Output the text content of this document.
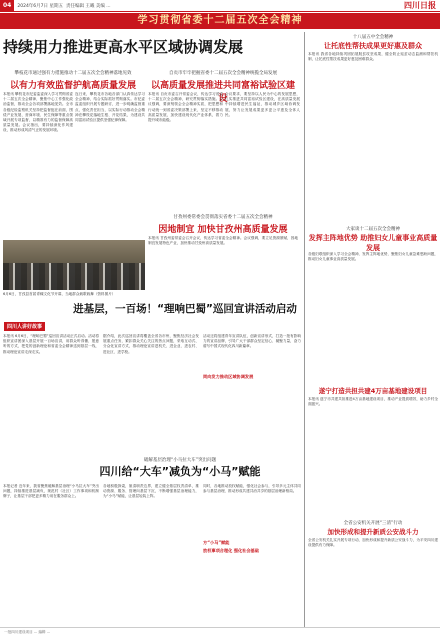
04	2024年6月7日 星期五 责任编辑 王曦 美编 ...	四川日报
学习贯彻省委十二届五次全会精神
持续用力推进更高水平区域协调发展
攀枝花市通过强有力措施推动十二届五次全会精神落地见效
以有力有效监督护航高质量发展
本报讯 攀枝花市纪委监委深入学习贯彻省委十二届五次全会精神，聚焦中心工作强化政治监督，推动全会各项部署落地见效。全市各级纪检监察机关坚持把监督挺在前面，围绕产业发展、营商环境、民生保障等重点领域开展专项监督，以精准有力的监督保障高质量发展。会议指出，要持续深化作风建设，推动形成风清气正的发展环境。
连日来，攀枝花市各地各部门认真传达学习全会精神，结合实际抓好贯彻落实。市纪委监委组织开展专题研讨，进一步明确监督重点，强化责任担当，以实际行动推动全会精神在攀枝花落地生根、开花结果，为建设共同富裕试验区提供坚强纪律保障。
自贡市牢牢把握省委十二届五次全会精神统揽全局发展
以高质量发展推进共同富裕试验区建设
本报讯 自贡市委召开常委会议，传达学习省委十二届五次全会精神，研究贯彻落实措施。会议强调，要深刻领会全会精神实质，把思想和行动统一到省委决策部署上来，坚定不移推动高质量发展，加快建设现代化产业体系，着力提升城市能级。
会议要求，要坚持以人民为中心的发展思想，扎实推进共同富裕试验区建设，在高质量发展中持续增进民生福祉，推动城乡区域协调发展，努力让发展成果更多更公平惠及全体人民。
甘孜州委常委会贯彻落实省委十二届五次全会精神
因地制宜 加快甘孜州高质量发展
本报讯 甘孜州委常委会召开会议，传达学习省委全会精神。会议强调，要立足资源禀赋，因地制宜发展特色产业，加快推动甘孜州高质量发展。
6月6日，甘孜县首届青稞文化节开幕，当地群众载歌载舞（资料图片）
进基层，一百场！“理响巴蜀”巡回宣讲活动启动
四川人讲好故事
本报讯 6月6日，“理响巴蜀”巡回宣讲活动正式启动。活动将组织宣讲团深入基层开展一百场宣讲，用群众听得懂、愿意听的方式，把党的创新理论和省委全会精神送到基层一线，推动理论宣讲走深走实。
据介绍，此次巡回宣讲将覆盖全省各市州，聚焦经济社会发展重点任务，紧扣群众关心关注的热点问题，采取互动式、分众化宣讲方式，推动理论宣讲进机关、进企业、进农村、进社区、进学校。
同向发力推动区域协调发展
活动还将组建青年宣讲队伍，创新宣讲形式，打造一批有影响力的宣讲品牌，引导广大干部群众坚定信心、凝聚力量，奋力谱写中国式现代化四川新篇章。
破解基层治理“小马拉大车”突出问题
四川给“大车”减负为“小马”赋能
本报记者 近年来，我省聚焦破解基层治理“小马拉大车”突出问题，持续推进基层减负，规范村（社区）工作事项和机制牌子，让基层干部把更多精力用在服务群众上。
各地积极探索，厘清职责边界，建立健全基层权责清单，推动资源、服务、管理向基层下沉，不断增强基层治理能力，为“小马”赋能，让基层轻装上阵。
方“小马”赋能
放权事项合理化 强化社会基础
同时，各地推动放权赋能，强化社会参与，引导多元主体共同参与基层治理，推动形成共建共治共享的基层治理新格局。
十八届五中全会精神
让托底性帮扶成果更好惠及群众
本报讯 我省各地持续巩固拓展脱贫攻坚成果，健全防止返贫动态监测和帮扶机制，让托底性帮扶成果更好惠及困难群众。
大家谈十二届五次全会精神
发挥主阵地优势 助推妇女儿童事业高质量发展
各级妇联组织深入学习全会精神，发挥主阵地优势，聚焦妇女儿童急难愁盼问题，推动妇女儿童事业高质量发展。
遂宁打造共担共建4万亩基地建设项目
本报讯 遂宁市共建共担推进4万亩基地建设项目，推动产业提质增效，助力乡村全面振兴。
全省公安机关开展“三清”行动
加快形成和提升新质公安战斗力
全省公安机关扎实开展专项行动，加快形成和提升新质公安战斗力，为平安四川建设提供有力保障。
一批四川建设项目 ... 编辑 ...
